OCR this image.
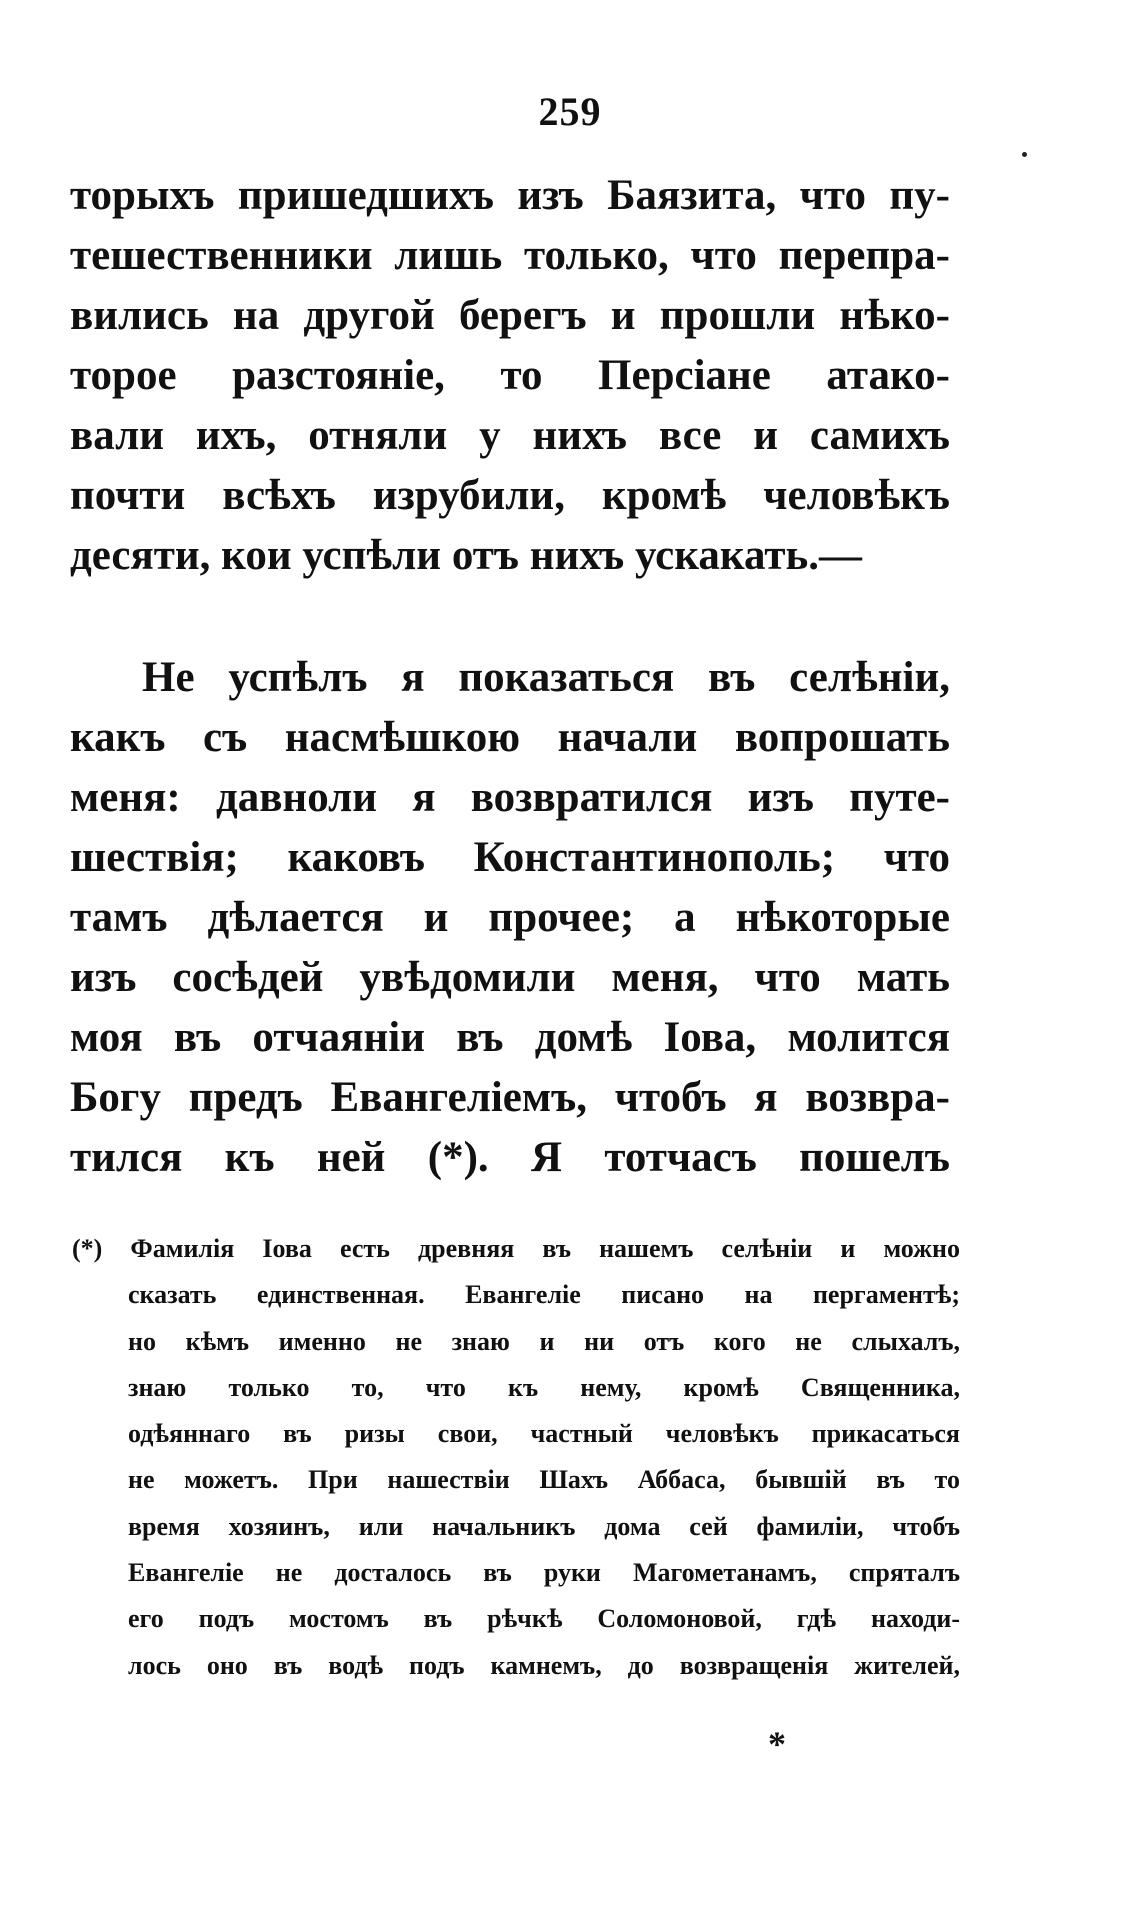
259
торыхъ пришедшихъ изъ Баязита, что пу-
тешественники лишь только, что перепра-
вились на другой берегъ и прошли нѣко-
торое разстояніе, то Персіане атако-
вали ихъ, отняли у нихъ все и самихъ
почти всѣхъ изрубили, кромѣ человѣкъ
десяти, кои успѣли отъ нихъ ускакать.—
Не успѣлъ я показаться въ селѣніи,
какъ съ насмѣшкою начали вопрошать
меня: давноли я возвратился изъ путе-
шествія; каковъ Константинополь; что
тамъ дѣлается и прочее; а нѣкоторые
изъ сосѣдей увѣдомили меня, что мать
моя въ отчаяніи въ домѣ Іова, молится
Богу предъ Евангеліемъ, чтобъ я возвра-
тился къ ней (*). Я тотчасъ пошелъ
(*) Фамилія Іова есть древняя въ нашемъ селѣніи и можно
сказать единственная. Евангеліе писано на пергаментѣ;
но кѣмъ именно не знаю и ни отъ кого не слыхалъ,
знаю только то, что къ нему, кромѣ Священника,
одѣяннаго въ ризы свои, частный человѣкъ прикасаться
не можетъ. При нашествіи Шахъ Аббаса, бывшій въ то
время хозяинъ, или начальникъ дома сей фамиліи, чтобъ
Евангеліе не досталось въ руки Магометанамъ, спряталъ
его подъ мостомъ въ рѣчкѣ Соломоновой, гдѣ находи-
лось оно въ водѣ подъ камнемъ, до возвращенія жителей,
*
